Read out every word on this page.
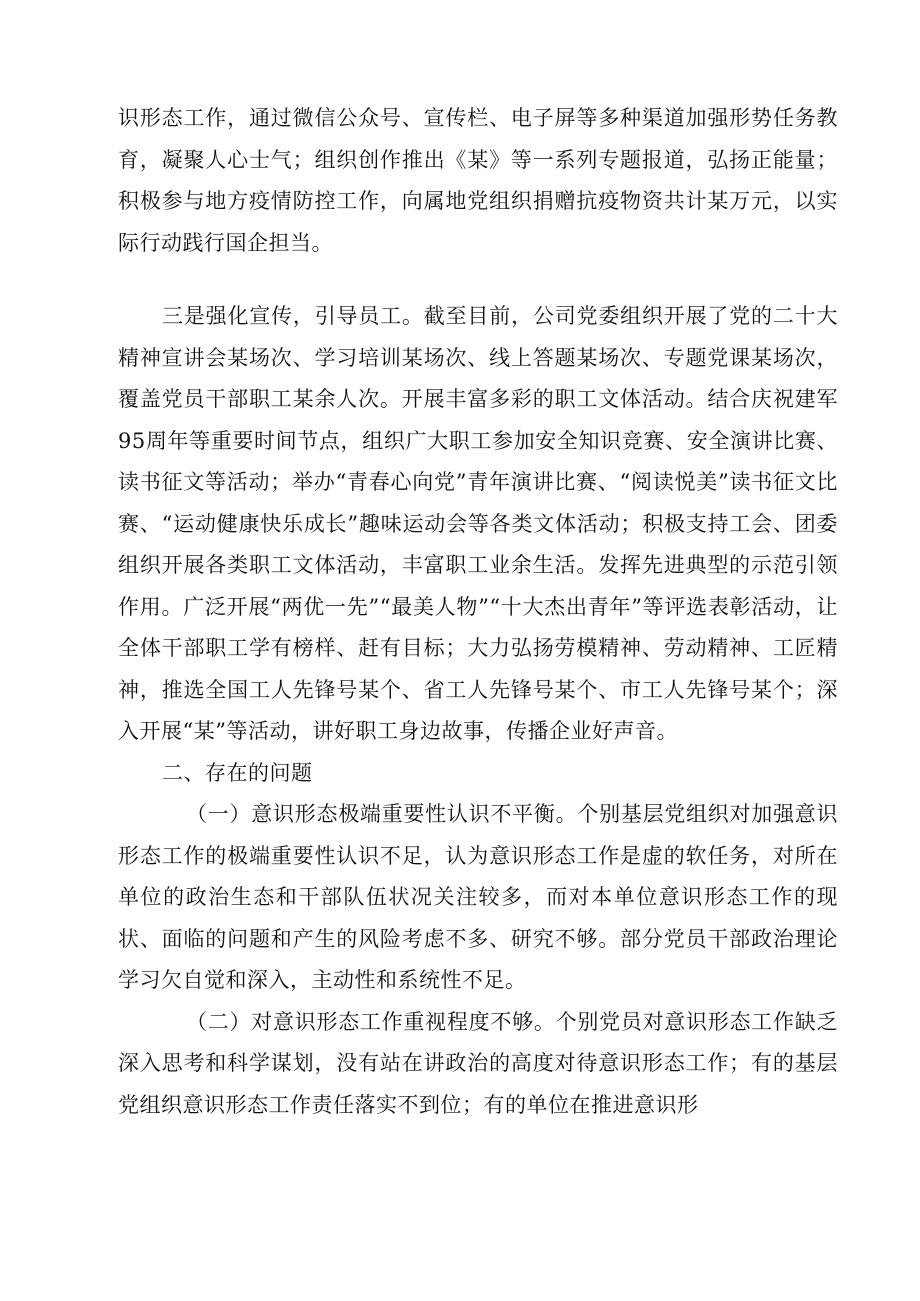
识形态工作，通过微信公众号、宣传栏、电子屏等多种渠道加强形势任务教育，凝聚人心士气；组织创作推出《某》等一系列专题报道，弘扬正能量；积极参与地方疫情防控工作，向属地党组织捐赠抗疫物资共计某万元，以实际行动践行国企担当。

三是强化宣传，引导员工。截至目前，公司党委组织开展了党的二十大精神宣讲会某场次、学习培训某场次、线上答题某场次、专题党课某场次，覆盖党员干部职工某余人次。开展丰富多彩的职工文体活动。结合庆祝建军95周年等重要时间节点，组织广大职工参加安全知识竞赛、安全演讲比赛、读书征文等活动；举办“青春心向党”青年演讲比赛、“阅读悦美”读书征文比赛、“运动健康快乐成长”趣味运动会等各类文体活动；积极支持工会、团委组织开展各类职工文体活动，丰富职工业余生活。发挥先进典型的示范引领作用。广泛开展“两优一先”“最美人物”“十大杰出青年”等评选表彰活动，让全体干部职工学有榜样、赶有目标；大力弘扬劳模精神、劳动精神、工匠精神，推选全国工人先锋号某个、省工人先锋号某个、市工人先锋号某个；深入开展“某”等活动，讲好职工身边故事，传播企业好声音。

二、存在的问题

（一）意识形态极端重要性认识不平衡。个别基层党组织对加强意识形态工作的极端重要性认识不足，认为意识形态工作是虚的软任务，对所在单位的政治生态和干部队伍状况关注较多，而对本单位意识形态工作的现状、面临的问题和产生的风险考虑不多、研究不够。部分党员干部政治理论学习欠自觉和深入，主动性和系统性不足。

（二）对意识形态工作重视程度不够。个别党员对意识形态工作缺乏深入思考和科学谋划，没有站在讲政治的高度对待意识形态工作；有的基层党组织意识形态工作责任落实不到位；有的单位在推进意识形
